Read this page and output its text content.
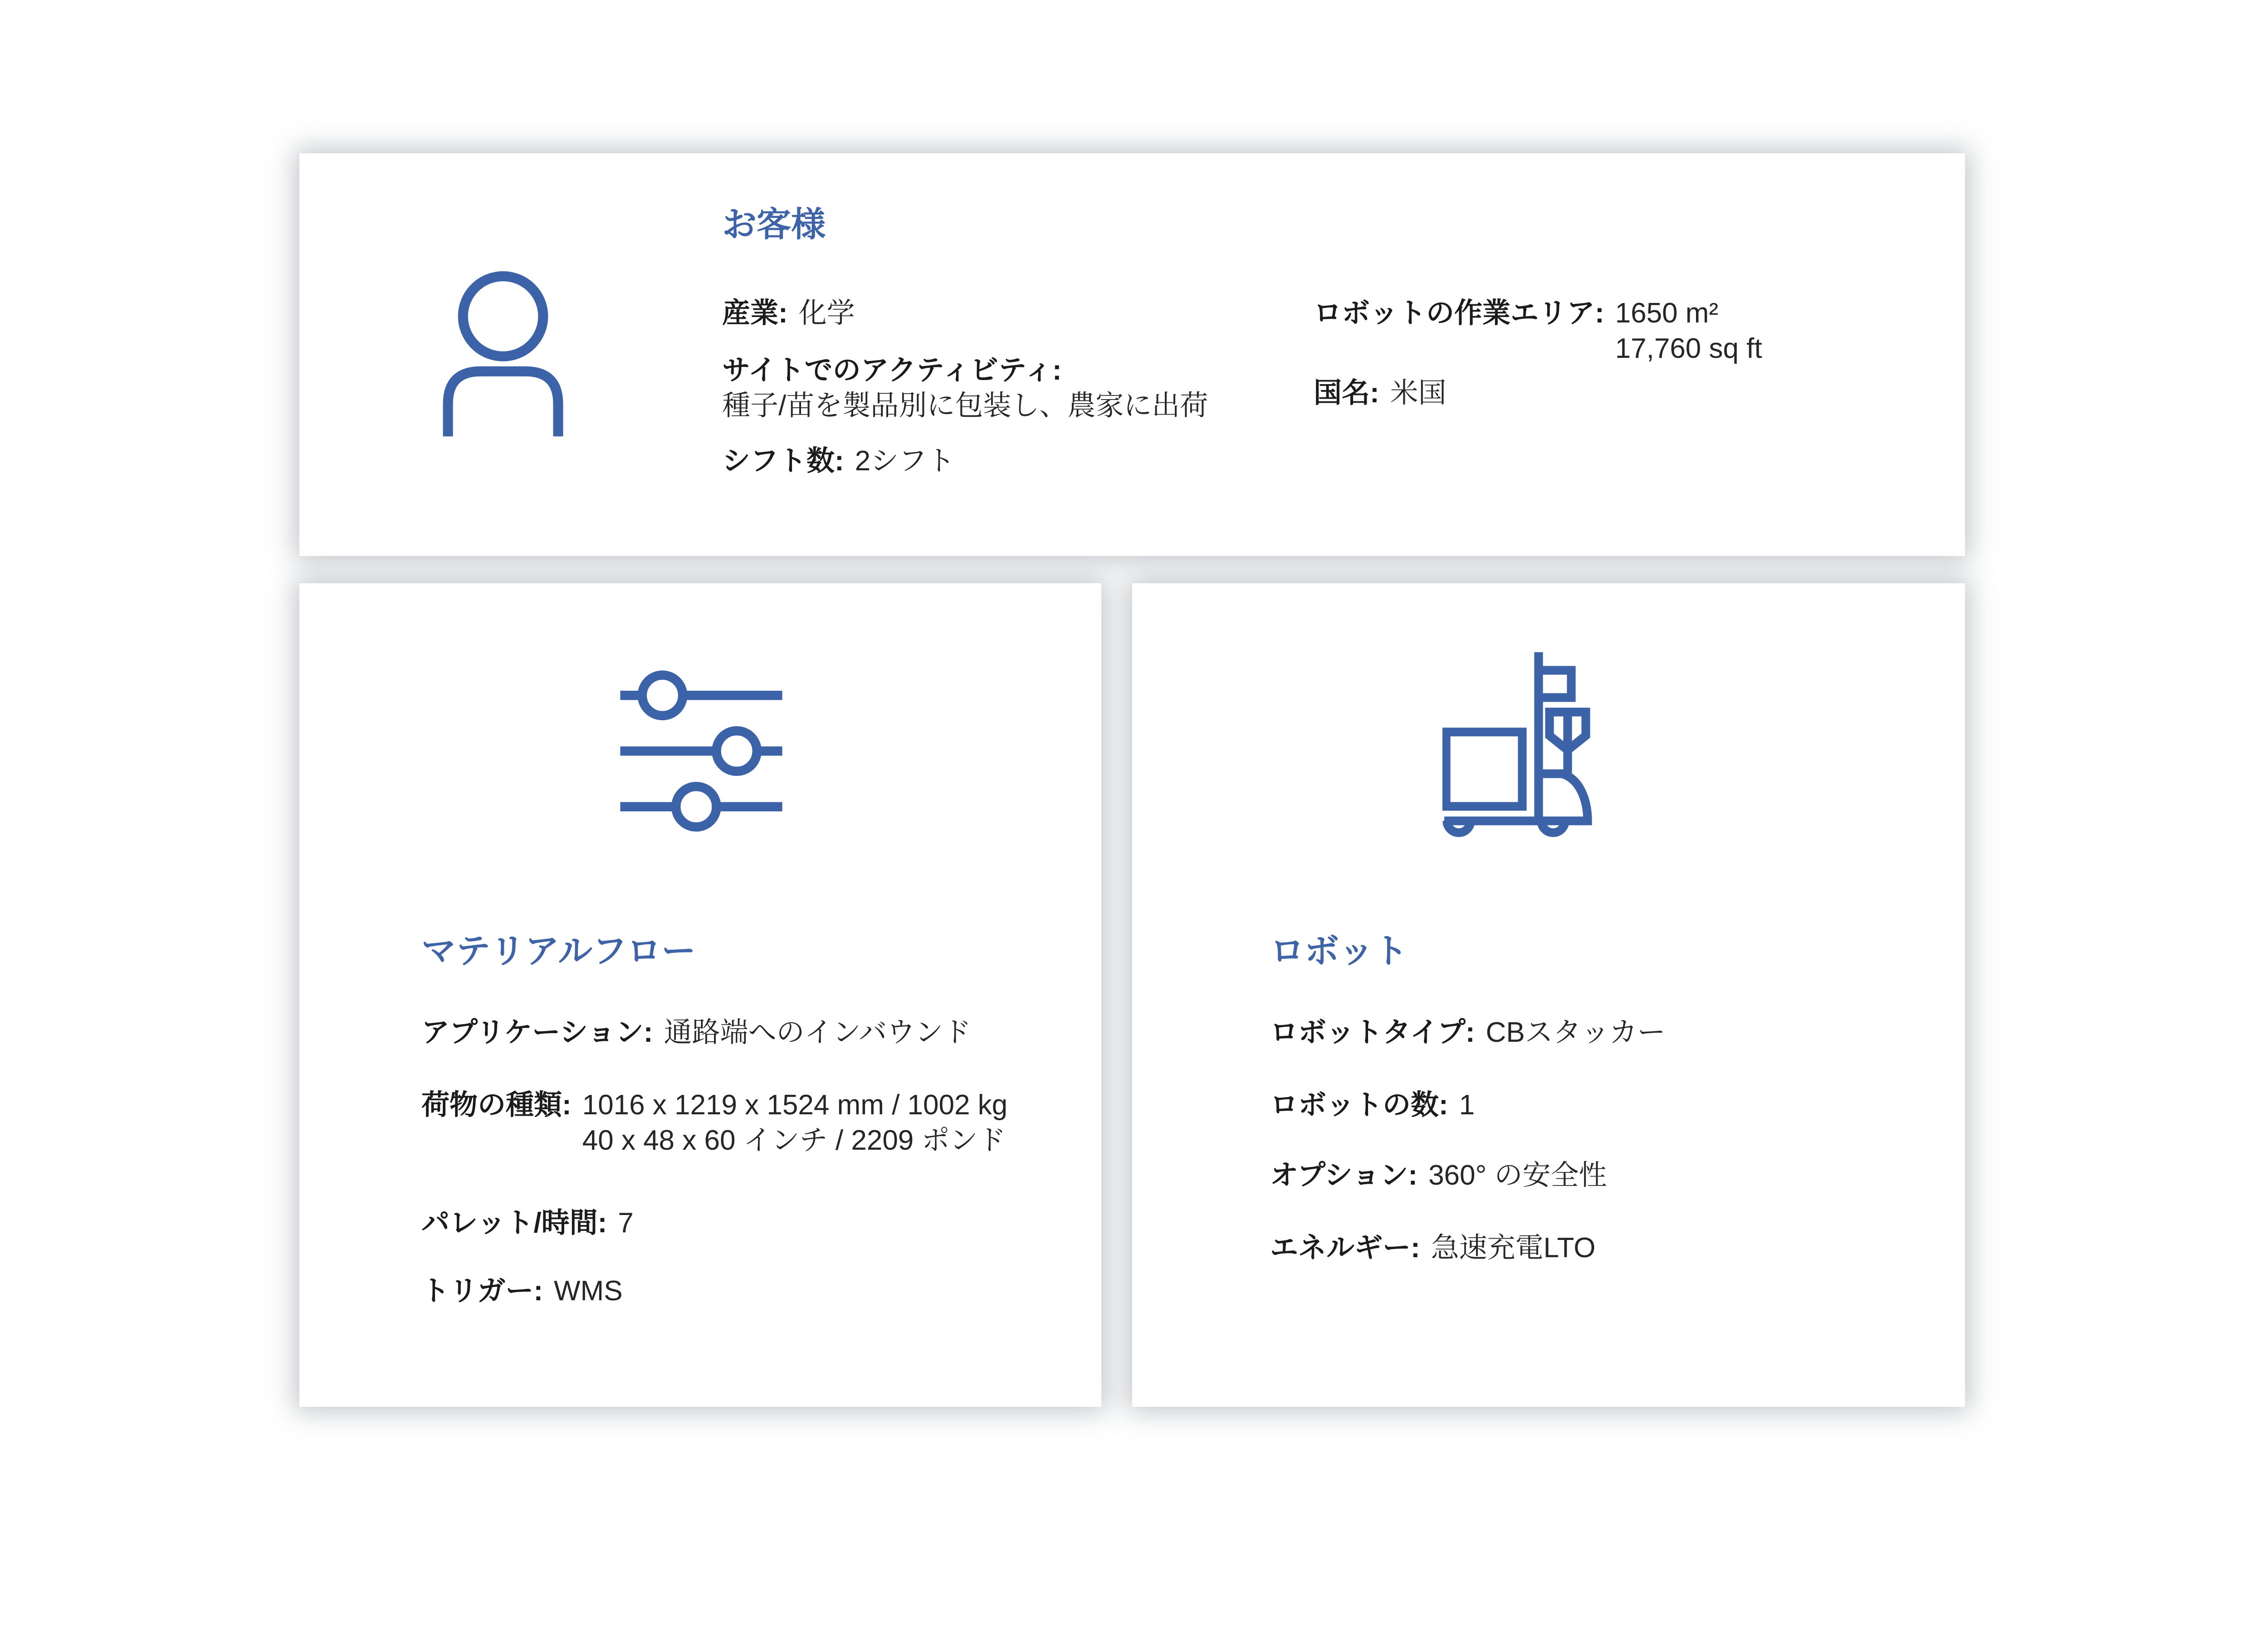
お客様
産業: 化学
サイトでのアクティビティ:
種子/苗を製品別に包装し、農家に出荷
シフト数: 2シフト
ロボットの作業エリア: 1650 m²
17,760 sq ft
国名: 米国
マテリアルフロー
アプリケーション: 通路端へのインバウンド
荷物の種類: 1016 x 1219 x 1524 mm / 1002 kg
40 x 48 x 60 インチ / 2209 ポンド
パレット/時間: 7
トリガー: WMS
ロボット
ロボットタイプ: CBスタッカー
ロボットの数: 1
オプション: 360° の安全性
エネルギー: 急速充電LTO
